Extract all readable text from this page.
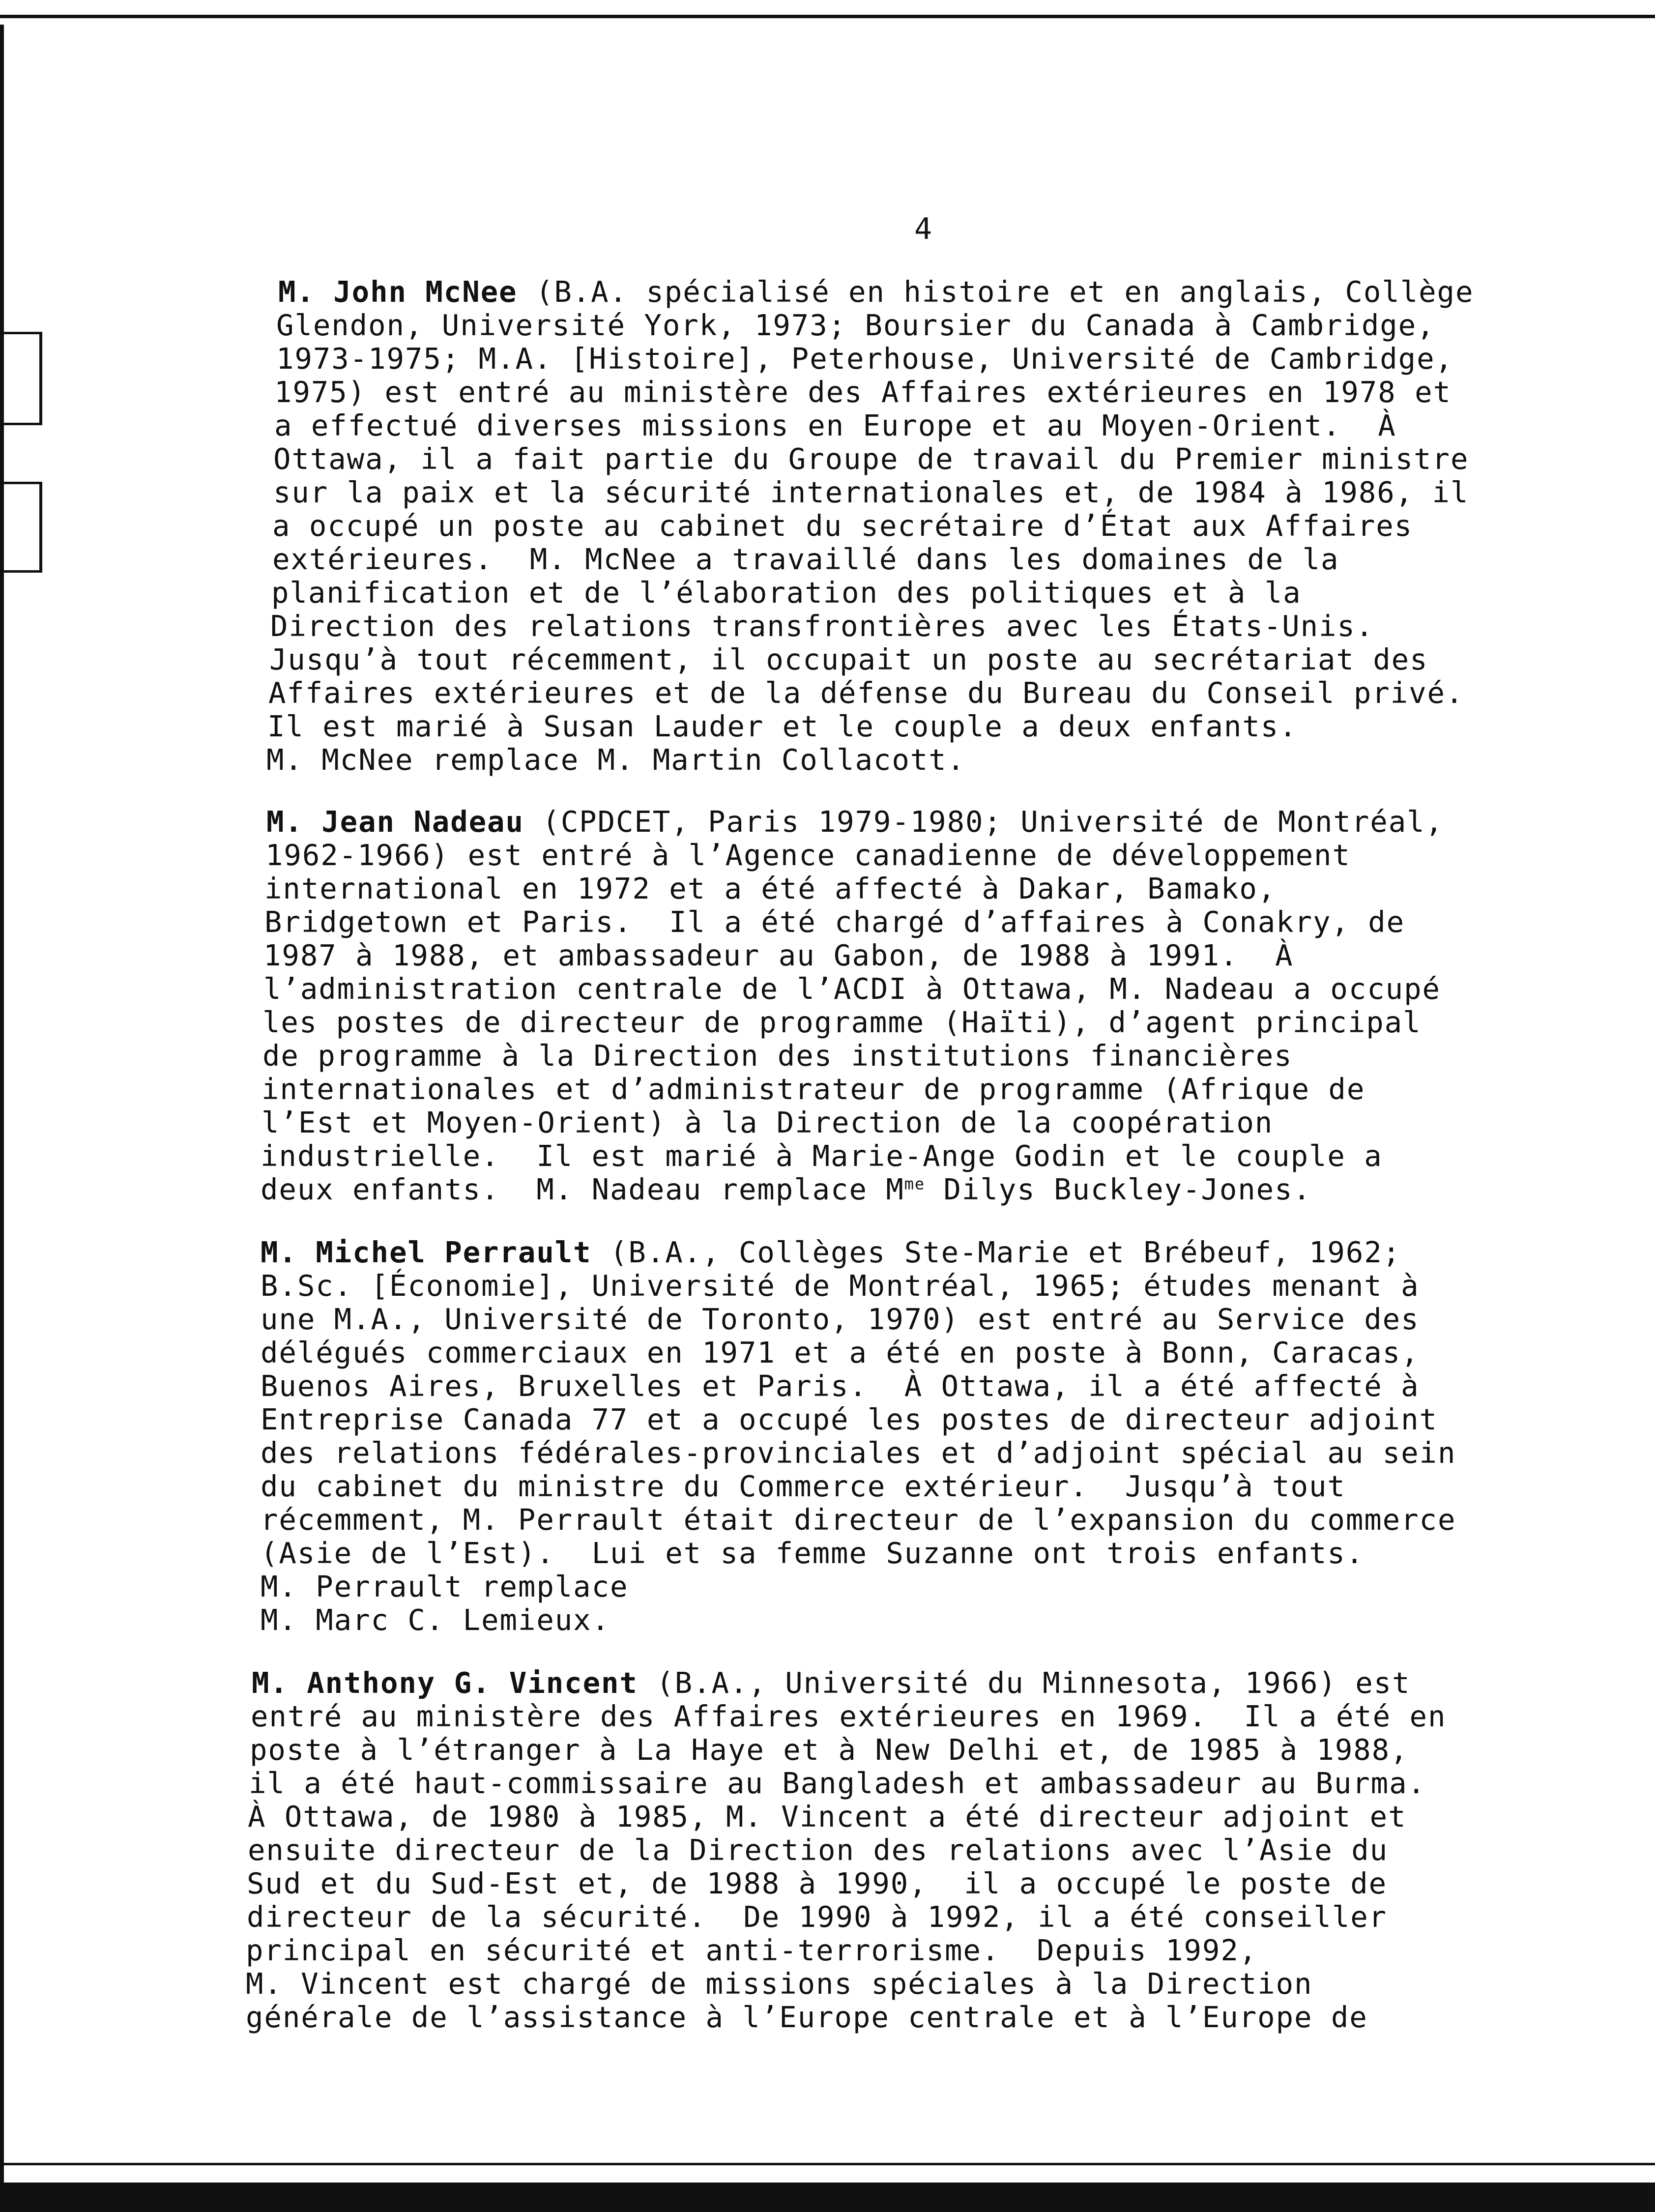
4
M. John McNee (B.A. spécialisé en histoire et en anglais, Collège
Glendon, Université York, 1973; Boursier du Canada à Cambridge,
1973-1975; M.A. [Histoire], Peterhouse, Université de Cambridge,
1975) est entré au ministère des Affaires extérieures en 1978 et
a effectué diverses missions en Europe et au Moyen-Orient.  À
Ottawa, il a fait partie du Groupe de travail du Premier ministre
sur la paix et la sécurité internationales et, de 1984 à 1986, il
a occupé un poste au cabinet du secrétaire d’État aux Affaires
extérieures.  M. McNee a travaillé dans les domaines de la
planification et de l’élaboration des politiques et à la
Direction des relations transfrontières avec les États-Unis.
Jusqu’à tout récemment, il occupait un poste au secrétariat des
Affaires extérieures et de la défense du Bureau du Conseil privé.
Il est marié à Susan Lauder et le couple a deux enfants.
M. McNee remplace M. Martin Collacott.
M. Jean Nadeau (CPDCET, Paris 1979-1980; Université de Montréal,
1962-1966) est entré à l’Agence canadienne de développement
international en 1972 et a été affecté à Dakar, Bamako,
Bridgetown et Paris.  Il a été chargé d’affaires à Conakry, de
1987 à 1988, et ambassadeur au Gabon, de 1988 à 1991.  À
l’administration centrale de l’ACDI à Ottawa, M. Nadeau a occupé
les postes de directeur de programme (Haïti), d’agent principal
de programme à la Direction des institutions financières
internationales et d’administrateur de programme (Afrique de
l’Est et Moyen-Orient) à la Direction de la coopération
industrielle.  Il est marié à Marie-Ange Godin et le couple a
deux enfants.  M. Nadeau remplace $M^{me}$ Dilys Buckley-Jones.
M. Michel Perrault (B.A., Collèges Ste-Marie et Brébeuf, 1962;
B.Sc. [Économie], Université de Montréal, 1965; études menant à
une M.A., Université de Toronto, 1970) est entré au Service des
délégués commerciaux en 1971 et a été en poste à Bonn, Caracas,
Buenos Aires, Bruxelles et Paris.  À Ottawa, il a été affecté à
Entreprise Canada 77 et a occupé les postes de directeur adjoint
des relations fédérales-provinciales et d’adjoint spécial au sein
du cabinet du ministre du Commerce extérieur.  Jusqu’à tout
récemment, M. Perrault était directeur de l’expansion du commerce
(Asie de l’Est).  Lui et sa femme Suzanne ont trois enfants.
M. Perrault remplace
M. Marc C. Lemieux.
M. Anthony G. Vincent (B.A., Université du Minnesota, 1966) est
entré au ministère des Affaires extérieures en 1969.  Il a été en
poste à l’étranger à La Haye et à New Delhi et, de 1985 à 1988,
il a été haut-commissaire au Bangladesh et ambassadeur au Burma.
À Ottawa, de 1980 à 1985, M. Vincent a été directeur adjoint et
ensuite directeur de la Direction des relations avec l’Asie du
Sud et du Sud-Est et, de 1988 à 1990,  il a occupé le poste de
directeur de la sécurité.  De 1990 à 1992, il a été conseiller
principal en sécurité et anti-terrorisme.  Depuis 1992,
M. Vincent est chargé de missions spéciales à la Direction
générale de l’assistance à l’Europe centrale et à l’Europe de
